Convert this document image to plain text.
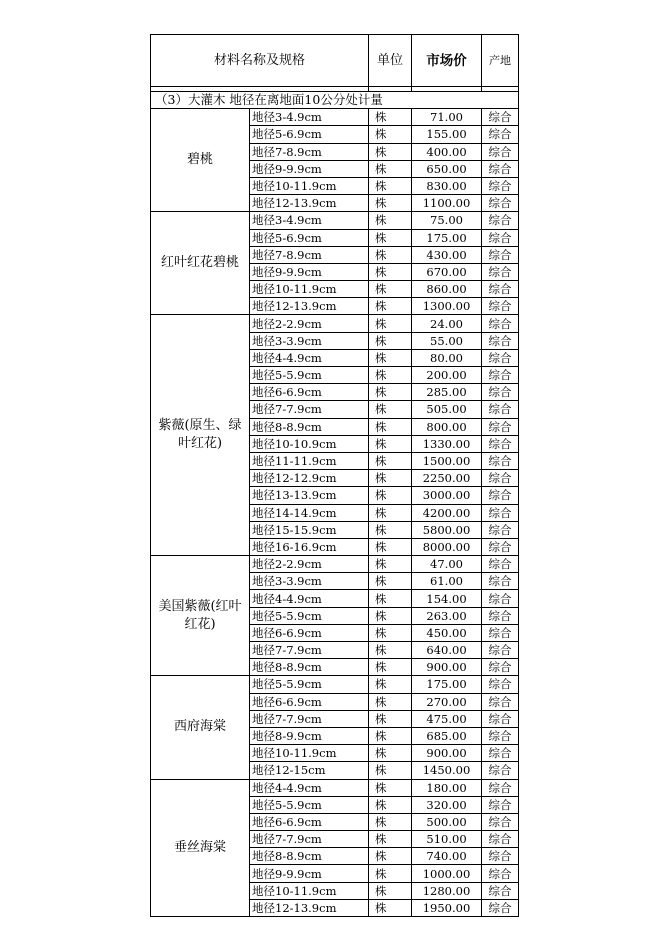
材料名称及规格		单位	市场价	产地

（3）大灌木 地径在离地面10公分处计量				
碧桃	地径3-4.9cm	株	71.00	综合
	地径5-6.9cm	株	155.00	综合
	地径7-8.9cm	株	400.00	综合
	地径9-9.9cm	株	650.00	综合
	地径10-11.9cm	株	830.00	综合
	地径12-13.9cm	株	1100.00	综合
红叶红花碧桃	地径3-4.9cm	株	75.00	综合
	地径5-6.9cm	株	175.00	综合
	地径7-8.9cm	株	430.00	综合
	地径9-9.9cm	株	670.00	综合
	地径10-11.9cm	株	860.00	综合
	地径12-13.9cm	株	1300.00	综合
紫薇(原生、绿叶红花)	地径2-2.9cm	株	24.00	综合
	地径3-3.9cm	株	55.00	综合
	地径4-4.9cm	株	80.00	综合
	地径5-5.9cm	株	200.00	综合
	地径6-6.9cm	株	285.00	综合
	地径7-7.9cm	株	505.00	综合
	地径8-8.9cm	株	800.00	综合
	地径10-10.9cm	株	1330.00	综合
	地径11-11.9cm	株	1500.00	综合
	地径12-12.9cm	株	2250.00	综合
	地径13-13.9cm	株	3000.00	综合
	地径14-14.9cm	株	4200.00	综合
	地径15-15.9cm	株	5800.00	综合
	地径16-16.9cm	株	8000.00	综合
美国紫薇(红叶红花)	地径2-2.9cm	株	47.00	综合
	地径3-3.9cm	株	61.00	综合
	地径4-4.9cm	株	154.00	综合
	地径5-5.9cm	株	263.00	综合
	地径6-6.9cm	株	450.00	综合
	地径7-7.9cm	株	640.00	综合
	地径8-8.9cm	株	900.00	综合
西府海棠	地径5-5.9cm	株	175.00	综合
	地径6-6.9cm	株	270.00	综合
	地径7-7.9cm	株	475.00	综合
	地径8-9.9cm	株	685.00	综合
	地径10-11.9cm	株	900.00	综合
	地径12-15cm	株	1450.00	综合
垂丝海棠	地径4-4.9cm	株	180.00	综合
	地径5-5.9cm	株	320.00	综合
	地径6-6.9cm	株	500.00	综合
	地径7-7.9cm	株	510.00	综合
	地径8-8.9cm	株	740.00	综合
	地径9-9.9cm	株	1000.00	综合
	地径10-11.9cm	株	1280.00	综合
	地径12-13.9cm	株	1950.00	综合
